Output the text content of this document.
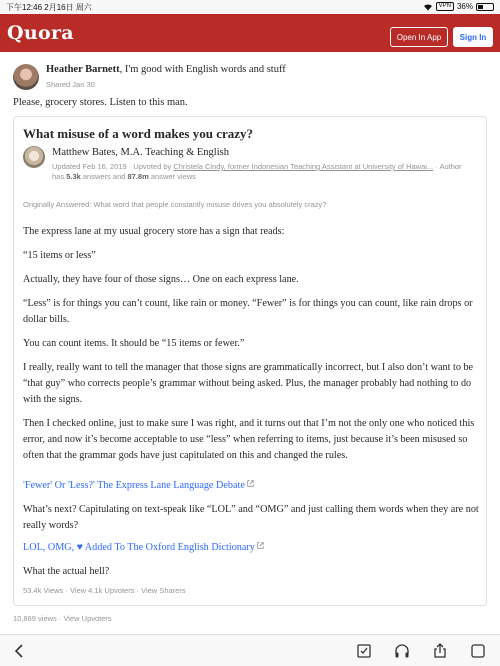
下午12:46 2月16日 周六	VPN 36%
Quora	Open In App	Sign In
Heather Barnett, I'm good with English words and stuff
Shared Jan 30
Please, grocery stores. Listen to this man.
What misuse of a word makes you crazy?
Matthew Bates, M.A. Teaching & English
Updated Feb 16, 2019 · Upvoted by Christela Cindy, former Indonesian Teaching Assistant at University of Hawai... · Author has 5.3k answers and 87.8m answer views
Originally Answered: What word that people constantly misuse drives you absolutely crazy?
The express lane at my usual grocery store has a sign that reads:
“15 items or less”
Actually, they have four of those signs… One on each express lane.
“Less” is for things you can’t count, like rain or money. “Fewer” is for things you can count, like rain drops or dollar bills.
You can count items. It should be “15 items or fewer.”
I really, really want to tell the manager that those signs are grammatically incorrect, but I also don’t want to be “that guy” who corrects people’s grammar without being asked. Plus, the manager probably had nothing to do with the signs.
Then I checked online, just to make sure I was right, and it turns out that I’m not the only one who noticed this error, and now it’s become acceptable to use “less” when referring to items, just because it’s been misused so often that the grammar gods have just capitulated on this and changed the rules.
'Fewer' Or 'Less?' The Express Lane Language Debate
What’s next? Capitulating on text-speak like “LOL” and “OMG” and just calling them words when they are not really words?
LOL, OMG, ♥ Added To The Oxford English Dictionary
What the actual hell?
53.4k Views · View 4.1k Upvoters · View Sharers
10,869 views · View Upvoters
